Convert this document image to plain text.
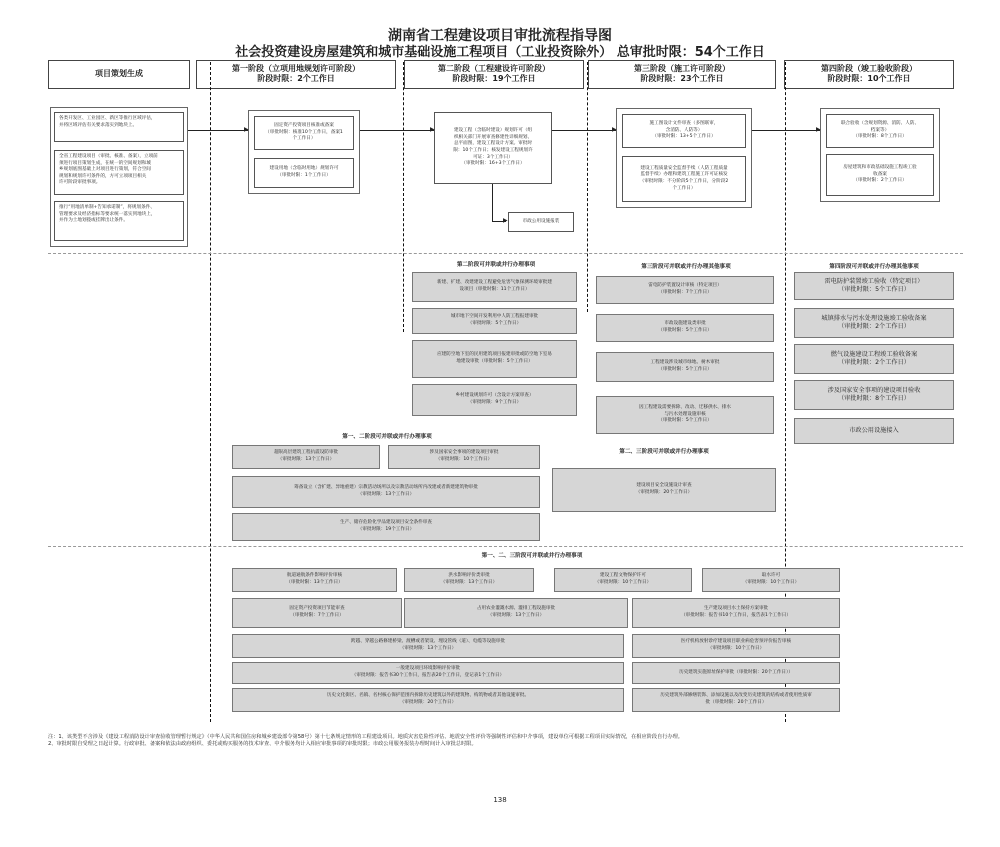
湖南省工程建设项目审批流程指导图
社会投资建设房屋建筑和城市基础设施工程项目（工业投资除外） 总审批时限：54个工作日
项目策划生成
第一阶段（立项用地规划许可阶段）
阶段时限：2个工作日
第二阶段（工程建设许可阶段）
阶段时限：19个工作日
第三阶段（施工许可阶段）
阶段时限：23个工作日
第四阶段（竣工验收阶段）
阶段时限：10个工作日
各类开发区、工业园区、新区等推行区域评估，
并将区域评估有关要求落实到地块上。
全省工程建设项目（审批、核准、备案），立项前
须进行项目策划生成，在统一的空间规划和城
乡规划底图基础上对项目进行策划，符合空间
规划和规划许可条件的，方可立项项目相关
许可阶段审批事项。
推行“用地清单制+告知承诺制”，将规划条件、
管理要求及经济指标等要求统一落实到地块上，
并作为土地划拨或挂牌出让条件。
固定资产投资项目核准或备案
（审批时限：核准10个工作日，备案1
个工作日）
建设用地（含临时用地）规划许可
（审批时限：1个工作日）
建设工程（含临时建设）规划许可（组
织相关部门开展审查修建性详细规划、
总平面图，建设工程设计方案。审批时
限：10个工作日；核发建设工程规划许
可证：3个工作日）
（审批时限：16+3个工作日）
市政公用设施报装
施工图设计文件审查（多图联审，
含消防、人防等）
（审批时限：13+5个工作日）
建设工程质量安全监督手续（人防工程质量
监督手续）办理和建筑工程施工许可证核发
（审批时限：不分阶段5个工作日，分阶段2
个工作日）
联合验收（含规划资源、消防、人防、
档案等）
（审批时限：8个工作日）
房屋建筑和市政基础设施工程竣工验
收备案
（审批时限：2个工作日）
▶	▶	▶	▶
▶
第二阶段可并联或并行办理事项
新建、扩建、改建建设工程避免危害气象探测环境审批建
设项目（审批时限：11个工作日）
城市地下空间开发利用中人防工程报建审批
（审批时限：5个工作日）
应建防空地下室的民用建筑项目报建审批或防空地下室易
地建设审批（审批时限：5个工作日）
乡村建设规划许可（含设计方案审查）
（审批时限：9个工作日）
第三阶段可并联或并行办理其他事项
雷电防护装置设计审核（特定项目）
（审批时限：7个工作日）
市政设施建设类审批
（审批时限：5个工作日）
工程建设涉及城市绿地、树木审批
（审批时限：5个工作日）
因工程建设需要拆除、改动、迁移供水、排水
与污水处理设施审核
（审批时限：5个工作日）
第四阶段可并联或并行办理其他事项
雷电防护装置竣工验收（特定项目）
（审批时限：5个工作日）
城镇排水与污水处理设施竣工验收备案
（审批时限：2个工作日）
燃气设施建设工程竣工验收备案
（审批时限：2个工作日）
涉及国家安全事项的建设项目验收
（审批时限：8个工作日）
市政公用设施接入
第一、二阶段可并联或并行办理事项
超限高层建筑工程抗震设防审批
（审批时限：13个工作日）
涉及国家安全事项的建设项目审批
（审批时限：10个工作日）
筹备设立（含扩建、异地重建）宗教活动场所以及宗教活动场所内改建或者新建建筑物审批
（审批时限：13个工作日）
生产、储存危险化学品建设项目安全条件审查
（审批时限：19个工作日）
第二、三阶段可并联或并行办理事项
建设项目安全设施设计审查
（审批时限：20个工作日）
第一、二、三阶段可并联或并行办理事项
航道通航条件影响评价审核
（审批时限：13个工作日）
洪水影响评价类审批
（审批时限：13个工作日）
建设工程文物保护许可
（审批时限：10个工作日）
取水许可
（审批时限：10个工作日）
固定资产投资项目节能审查
（审批时限：7个工作日）
占用农业灌溉水源、灌排工程设施审批
（审批时限：13个工作日）
生产建设项目水土保持方案审批
（审批时限：报告书10个工作日，报告表1个工作日）
跨越、穿越公路修建桥梁、渡槽或者架设、埋设管线（道）、电缆等设施审批
（审批时限：13个工作日）
医疗机构放射诊疗建设项目职业病危害预评价报告审核
（审批时限：10个工作日）
一般建设项目环境影响评价审批
（审批时限：报告书30个工作日，报告表20个工作日，登记表1个工作日）
历史建筑实施原址保护审批（审批时限：20个工作日））
历史文化街区、名镇、名村核心保护范围内拆除历史建筑以外的建筑物、构筑物或者其他设施审批。
（审批时限：20个工作日）
历史建筑外部修缮装饰、添加设施以及改变历史建筑的结构或者使用性质审
批（审批时限：20个工作日）
注：1、该类型不含涉及《建设工程消防设计审查验收管理暂行规定》（中华人民共和国住房和城乡建设部令第58号）第十七条规定情形的工程建设项目。地质灾害危险性评估、地震安全性评价等强制性评估和中介事项，建设单位可根据工程项目实际情况，在相应阶段自行办理。
2、审批时限自受理之日起计算。行政审批、备案和依法由政府组织、委托或购买服务的技术审查、中介服务均计入相应审批事项的审批时限；市政公用服务报装办理时间计入审批总时限。
138
